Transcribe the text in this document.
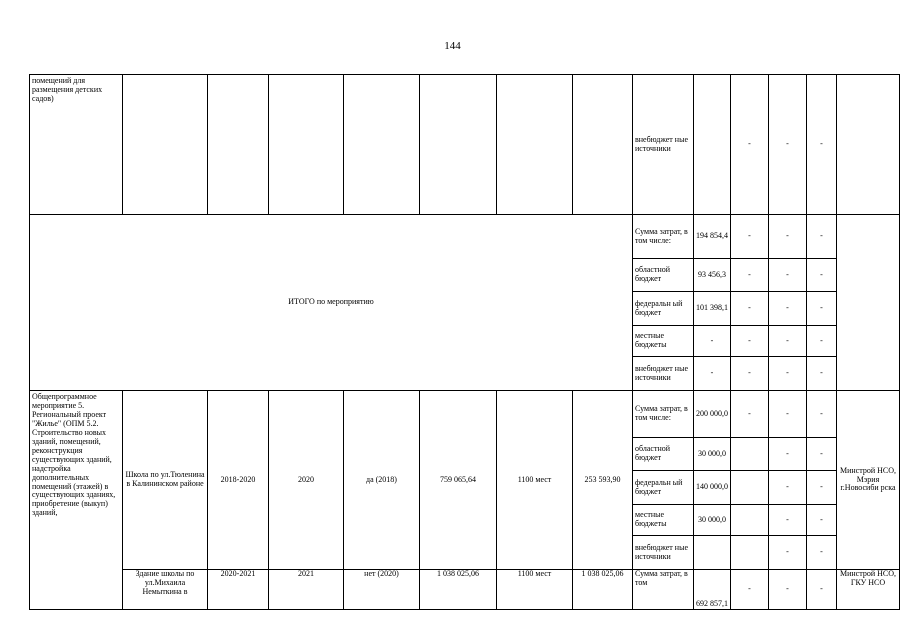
144
помещений для размещения детских садов)								внебюджет ные источники		-	-	-	
ИТОГО по мероприятию								Сумма затрат, в том числе:	194 854,4	-	-	-	
								областной бюджет	93 456,3	-	-	-	
								федеральн ый бюджет	101 398,1	-	-	-	
								местные бюджеты	-	-	-	-	
								внебюджет ные источники	-	-	-	-	
Общепрограммное мероприятие 5. Региональный проект "Жилье" (ОПМ 5.2. Строительство новых зданий, помещений, реконструкция существующих зданий, надстройка дополнительных помещений (этажей) в существующих зданиях, приобретение (выкуп) зданий,	Школа по ул.Тюленина в Калининском районе	2018-2020	2020	да (2018)	759 065,64	1100 мест	253 593,90	Сумма затрат, в том числе:	200 000,0	-	-	-	Минстрой НСО, Мэрия г.Новосиби рска
								областной бюджет	30 000,0		-	-	
								федеральн ый бюджет	140 000,0		-	-	
								местные бюджеты	30 000,0		-	-	
								внебюджет ные источники			-	-	
	Здание школы по ул.Михаила Немыткина в	2020-2021	2021	нет (2020)	1 038 025,06	1100 мест	1 038 025,06	Сумма затрат, в том	692 857,1	-	-	-	Минстрой НСО, ГКУ НСО
